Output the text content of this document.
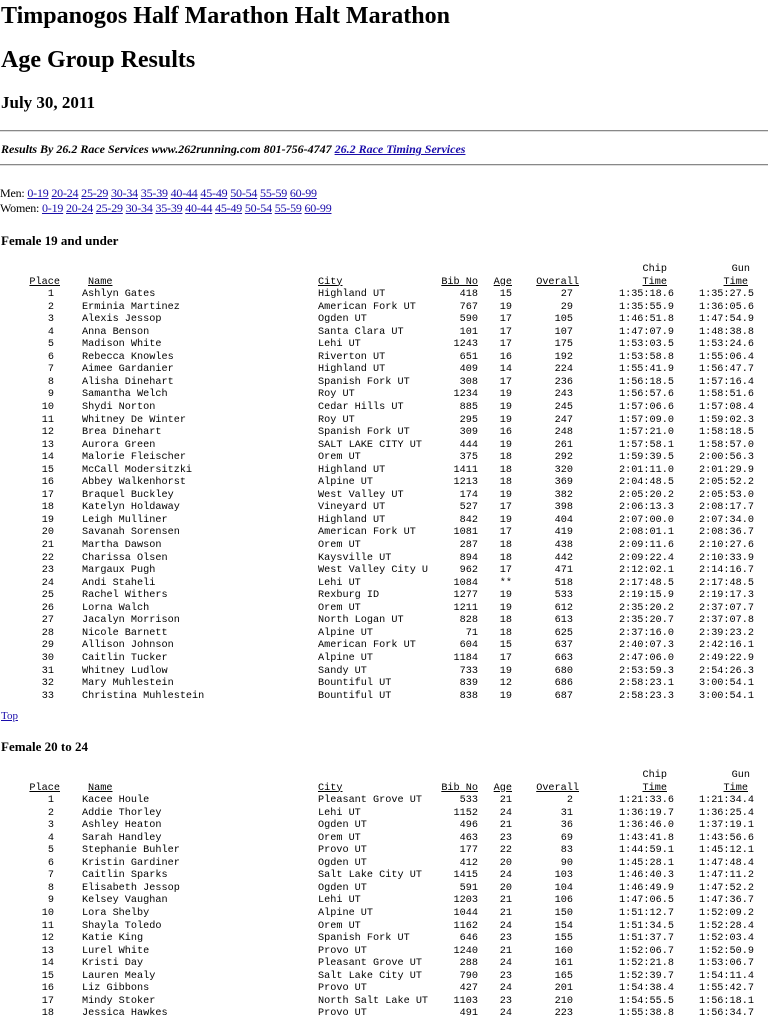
Timpanogos Half Marathon Halt Marathon
Age Group Results
July 30, 2011
Results By 26.2 Race Services www.262running.com 801-756-4747 26.2 Race Timing Services
Men: 0-19 20-24 25-29 30-34 35-39 40-44 45-49 50-54 55-59 60-99
Women: 0-19 20-24 25-29 30-34 35-39 40-44 45-49 50-54 55-59 60-99
Female 19 and under
Chip	Gun
Place	Name	City	Bib No Age Overall	Time	Time
1	Ashlyn Gates	Highland UT	418 15	27	1:35:18.6 1:35:27.5
2	Erminia Martinez	American Fork UT	767 19	29	1:35:55.9 1:36:05.6
3	Alexis Jessop	Ogden UT	590 17	105	1:46:51.8 1:47:54.9
4	Anna Benson	Santa Clara UT	101 17	107	1:47:07.9 1:48:38.8
5	Madison White	Lehi UT	1243 17	175	1:53:03.5 1:53:24.6
6	Rebecca Knowles	Riverton UT	651 16	192	1:53:58.8 1:55:06.4
7	Aimee Gardanier	Highland UT	409 14	224	1:55:41.9 1:56:47.7
8	Alisha Dinehart	Spanish Fork UT	308 17	236	1:56:18.5 1:57:16.4
9	Samantha Welch	Roy UT	1234 19	243	1:56:57.6 1:58:51.6
10	Shydi Norton	Cedar Hills UT	885 19	245	1:57:06.6 1:57:08.4
11	Whitney De Winter	Roy UT	295 19	247	1:57:09.0 1:59:02.3
12	Brea Dinehart	Spanish Fork UT	309 16	248	1:57:21.0 1:58:18.5
13	Aurora Green	SALT LAKE CITY UT	444 19	261	1:57:58.1 1:58:57.0
14	Malorie Fleischer	Orem UT	375 18	292	1:59:39.5 2:00:56.3
15	McCall Modersitzki	Highland UT	1411 18	320	2:01:11.0 2:01:29.9
16	Abbey Walkenhorst	Alpine UT	1213 18	369	2:04:48.5 2:05:52.2
17	Braquel Buckley	West Valley UT	174 19	382	2:05:20.2 2:05:53.0
18	Katelyn Holdaway	Vineyard UT	527 17	398	2:06:13.3 2:08:17.7
19	Leigh Mulliner	Highland UT	842 19	404	2:07:00.0 2:07:34.0
20	Savanah Sorensen	American Fork UT	1081 17	419	2:08:01.1 2:08:36.7
21	Martha Dawson	Orem UT	287 18	438	2:09:11.6 2:10:27.6
22	Charissa Olsen	Kaysville UT	894 18	442	2:09:22.4 2:10:33.9
23	Margaux Pugh	West Valley City U	962 17	471	2:12:02.1 2:14:16.7
24	Andi Staheli	Lehi UT	1084 **	518	2:17:48.5 2:17:48.5
25	Rachel Withers	Rexburg ID	1277 19	533	2:19:15.9 2:19:17.3
26	Lorna Walch	Orem UT	1211 19	612	2:35:20.2 2:37:07.7
27	Jacalyn Morrison	North Logan UT	828 18	613	2:35:20.7 2:37:07.8
28	Nicole Barnett	Alpine UT	71 18	625	2:37:16.0 2:39:23.2
29	Allison Johnson	American Fork UT	604 15	637	2:40:07.3 2:42:16.1
30	Caitlin Tucker	Alpine UT	1184 17	663	2:47:06.0 2:49:22.9
31	Whitney Ludlow	Sandy UT	733 19	680	2:53:59.3 2:54:26.3
32	Mary Muhlestein	Bountiful UT	839 12	686	2:58:23.1 3:00:54.1
33	Christina Muhlestein	Bountiful UT	838 19	687	2:58:23.3 3:00:54.1
Top
Female 20 to 24
Chip	Gun
Place	Name	City	Bib No Age Overall	Time	Time
1	Kacee Houle	Pleasant Grove UT	533 21	2	1:21:33.6 1:21:34.4
2	Addie Thorley	Lehi UT	1152 24	31	1:36:19.7 1:36:25.4
3	Ashley Heaton	Ogden UT	496 21	36	1:36:46.0 1:37:19.1
4	Sarah Handley	Orem UT	463 23	69	1:43:41.8 1:43:56.6
5	Stephanie Buhler	Provo UT	177 22	83	1:44:59.1 1:45:12.1
6	Kristin Gardiner	Ogden UT	412 20	90	1:45:28.1 1:47:48.4
7	Caitlin Sparks	Salt Lake City UT	1415 24	103	1:46:40.3 1:47:11.2
8	Elisabeth Jessop	Ogden UT	591 20	104	1:46:49.9 1:47:52.2
9	Kelsey Vaughan	Lehi UT	1203 21	106	1:47:06.5 1:47:36.7
10	Lora Shelby	Alpine UT	1044 21	150	1:51:12.7 1:52:09.2
11	Shayla Toledo	Orem UT	1162 24	154	1:51:34.5 1:52:28.4
12	Katie King	Spanish Fork UT	646 23	155	1:51:37.7 1:52:03.4
13	Lurel White	Provo UT	1240 21	160	1:52:06.7 1:52:50.9
14	Kristi Day	Pleasant Grove UT	288 24	161	1:52:21.8 1:53:06.7
15	Lauren Mealy	Salt Lake City UT	790 23	165	1:52:39.7 1:54:11.4
16	Liz Gibbons	Provo UT	427 24	201	1:54:38.4 1:55:42.7
17	Mindy Stoker	North Salt Lake UT 1103 23	210	1:54:55.5 1:56:18.1
18	Jessica Hawkes	Provo UT	491 24	223	1:55:38.8 1:56:34.7
